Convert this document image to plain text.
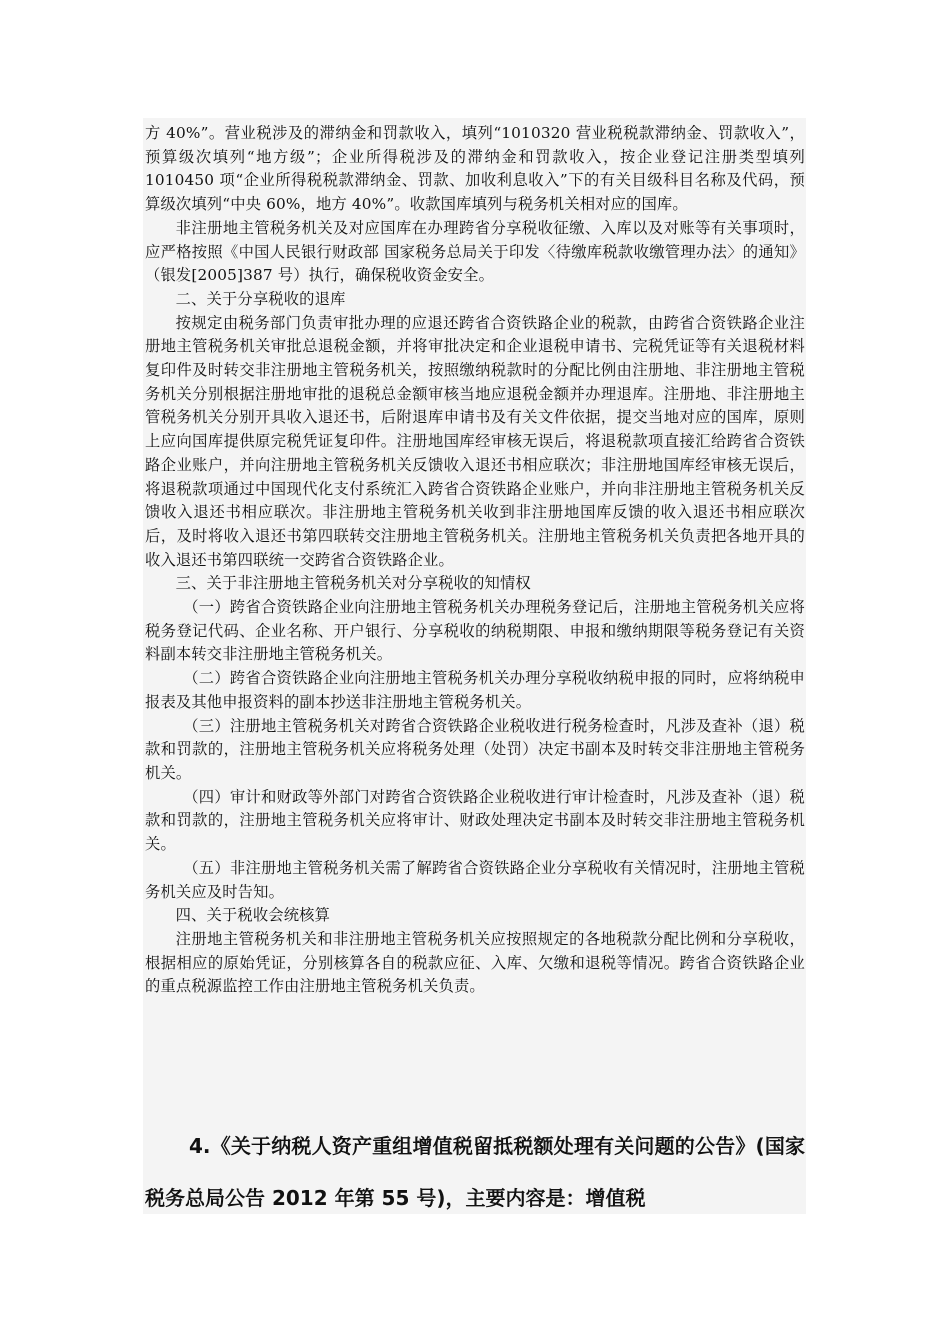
方 40%”。营业税涉及的滞纳金和罚款收入，填列“1010320 营业税税款滞纳金、罚款收入”，预算级次填列“地方级”；企业所得税涉及的滞纳金和罚款收入，按企业登记注册类型填列 1010450 项“企业所得税税款滞纳金、罚款、加收利息收入”下的有关目级科目名称及代码，预算级次填列“中央 60%，地方 40%”。收款国库填列与税务机关相对应的国库。

非注册地主管税务机关及对应国库在办理跨省分享税收征缴、入库以及对账等有关事项时，应严格按照《中国人民银行财政部 国家税务总局关于印发〈待缴库税款收缴管理办法〉的通知》（银发[2005]387 号）执行，确保税收资金安全。

二、关于分享税收的退库

按规定由税务部门负责审批办理的应退还跨省合资铁路企业的税款，由跨省合资铁路企业注册地主管税务机关审批总退税金额，并将审批决定和企业退税申请书、完税凭证等有关退税材料复印件及时转交非注册地主管税务机关，按照缴纳税款时的分配比例由注册地、非注册地主管税务机关分别根据注册地审批的退税总金额审核当地应退税金额并办理退库。注册地、非注册地主管税务机关分别开具收入退还书，后附退库申请书及有关文件依据，提交当地对应的国库，原则上应向国库提供原完税凭证复印件。注册地国库经审核无误后，将退税款项直接汇给跨省合资铁路企业账户，并向注册地主管税务机关反馈收入退还书相应联次；非注册地国库经审核无误后，将退税款项通过中国现代化支付系统汇入跨省合资铁路企业账户，并向非注册地主管税务机关反馈收入退还书相应联次。非注册地主管税务机关收到非注册地国库反馈的收入退还书相应联次后，及时将收入退还书第四联转交注册地主管税务机关。注册地主管税务机关负责把各地开具的收入退还书第四联统一交跨省合资铁路企业。

三、关于非注册地主管税务机关对分享税收的知情权

（一）跨省合资铁路企业向注册地主管税务机关办理税务登记后，注册地主管税务机关应将税务登记代码、企业名称、开户银行、分享税收的纳税期限、申报和缴纳期限等税务登记有关资料副本转交非注册地主管税务机关。

（二）跨省合资铁路企业向注册地主管税务机关办理分享税收纳税申报的同时，应将纳税申报表及其他申报资料的副本抄送非注册地主管税务机关。

（三）注册地主管税务机关对跨省合资铁路企业税收进行税务检查时，凡涉及查补（退）税款和罚款的，注册地主管税务机关应将税务处理（处罚）决定书副本及时转交非注册地主管税务机关。

（四）审计和财政等外部门对跨省合资铁路企业税收进行审计检查时，凡涉及查补（退）税款和罚款的，注册地主管税务机关应将审计、财政处理决定书副本及时转交非注册地主管税务机关。

（五）非注册地主管税务机关需了解跨省合资铁路企业分享税收有关情况时，注册地主管税务机关应及时告知。

四、关于税收会统核算

注册地主管税务机关和非注册地主管税务机关应按照规定的各地税款分配比例和分享税收，根据相应的原始凭证，分别核算各自的税款应征、入库、欠缴和退税等情况。跨省合资铁路企业的重点税源监控工作由注册地主管税务机关负责。

4.《关于纳税人资产重组增值税留抵税额处理有关问题的公告》(国家税务总局公告 2012 年第 55 号)，主要内容是：增值税
